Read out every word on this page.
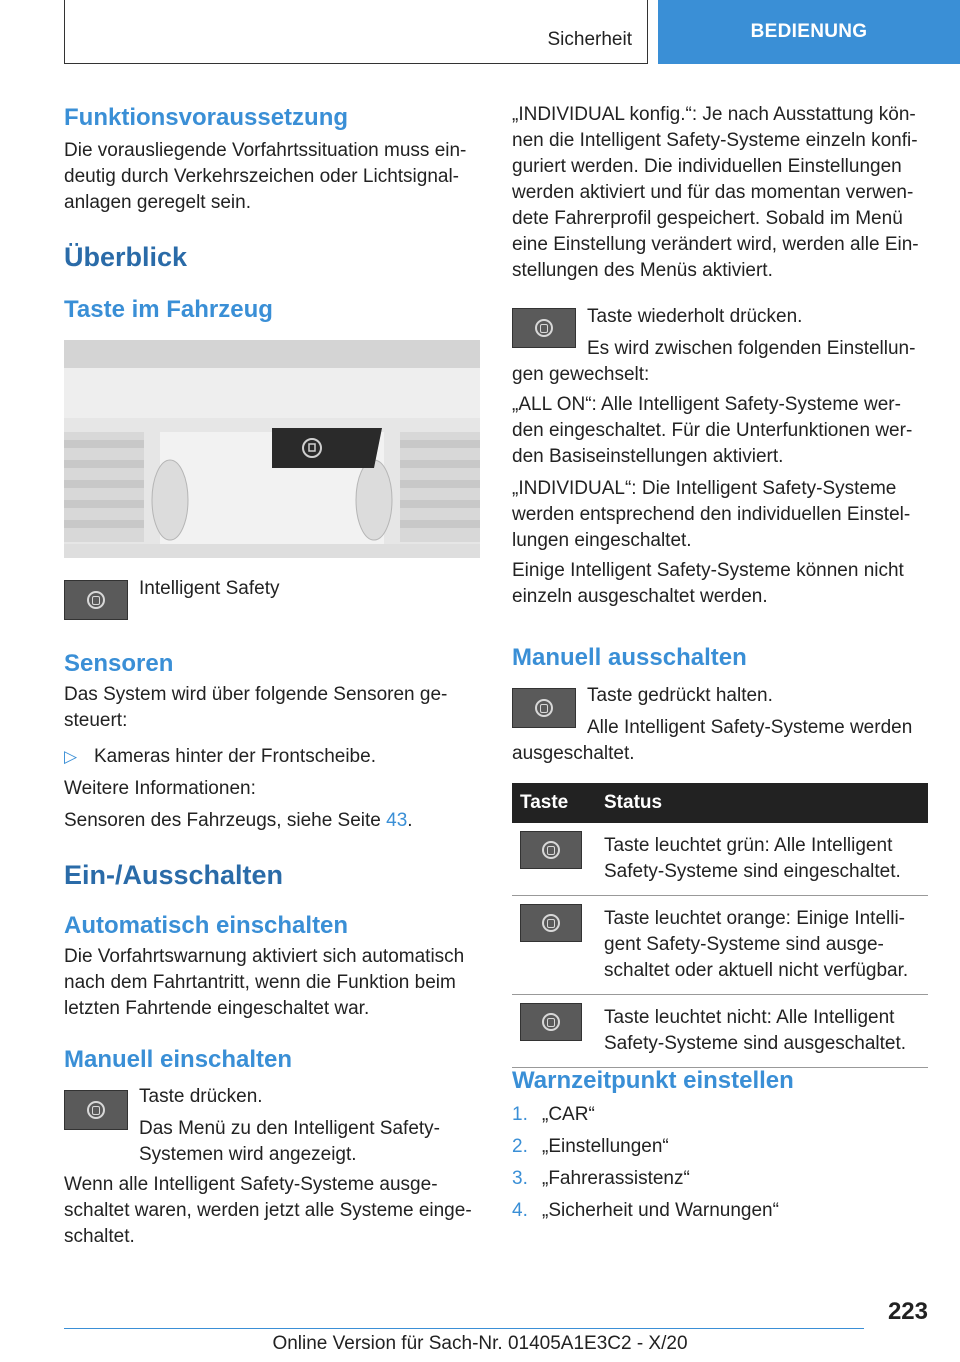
Sicherheit	BEDIENUNG
Funktionsvoraussetzung

Die vorausliegende Vorfahrtssituation muss ein-deutig durch Verkehrszeichen oder Lichtsignal-anlagen geregelt sein.

Überblick
Taste im Fahrzeug

Intelligent Safety

Sensoren

Das System wird über folgende Sensoren ge-steuert:

▷ Kameras hinter der Frontscheibe.

Weitere Informationen:

Sensoren des Fahrzeugs, siehe Seite 43.

Ein-/Ausschalten
Automatisch einschalten

Die Vorfahrtswarnung aktiviert sich automatisch nach dem Fahrtantritt, wenn die Funktion beim letzten Fahrtende eingeschaltet war.

Manuell einschalten

Taste drücken.

Das Menü zu den Intelligent Safety-Systemen wird angezeigt.

Wenn alle Intelligent Safety-Systeme ausge-schaltet waren, werden jetzt alle Systeme einge-schaltet.

„INDIVIDUAL konfig.“: Je nach Ausstattung kön-nen die Intelligent Safety-Systeme einzeln konfi-guriert werden. Die individuellen Einstellungen werden aktiviert und für das momentan verwen-dete Fahrerprofil gespeichert. Sobald im Menü eine Einstellung verändert wird, werden alle Ein-stellungen des Menüs aktiviert.

Taste wiederholt drücken.

Es wird zwischen folgenden Einstellun-gen gewechselt:

„ALL ON“: Alle Intelligent Safety-Systeme wer-den eingeschaltet. Für die Unterfunktionen wer-den Basiseinstellungen aktiviert.

„INDIVIDUAL“: Die Intelligent Safety-Systeme werden entsprechend den individuellen Einstel-lungen eingeschaltet.

Einige Intelligent Safety-Systeme können nicht einzeln ausgeschaltet werden.

Manuell ausschalten

Taste gedrückt halten.

Alle Intelligent Safety-Systeme werden ausgeschaltet.

Taste	Status

	Taste leuchtet grün: Alle Intelligent Safety-Systeme sind eingeschaltet.

	Taste leuchtet orange: Einige Intelli-gent Safety-Systeme sind ausge-schaltet oder aktuell nicht verfügbar.

	Taste leuchtet nicht: Alle Intelligent Safety-Systeme sind ausgeschaltet.
Warnzeitpunkt einstellen
1. „CAR“
2. „Einstellungen“
3. „Fahrerassistenz“
4. „Sicherheit und Warnungen“
223
Online Version für Sach-Nr. 01405A1E3C2 - X/20
